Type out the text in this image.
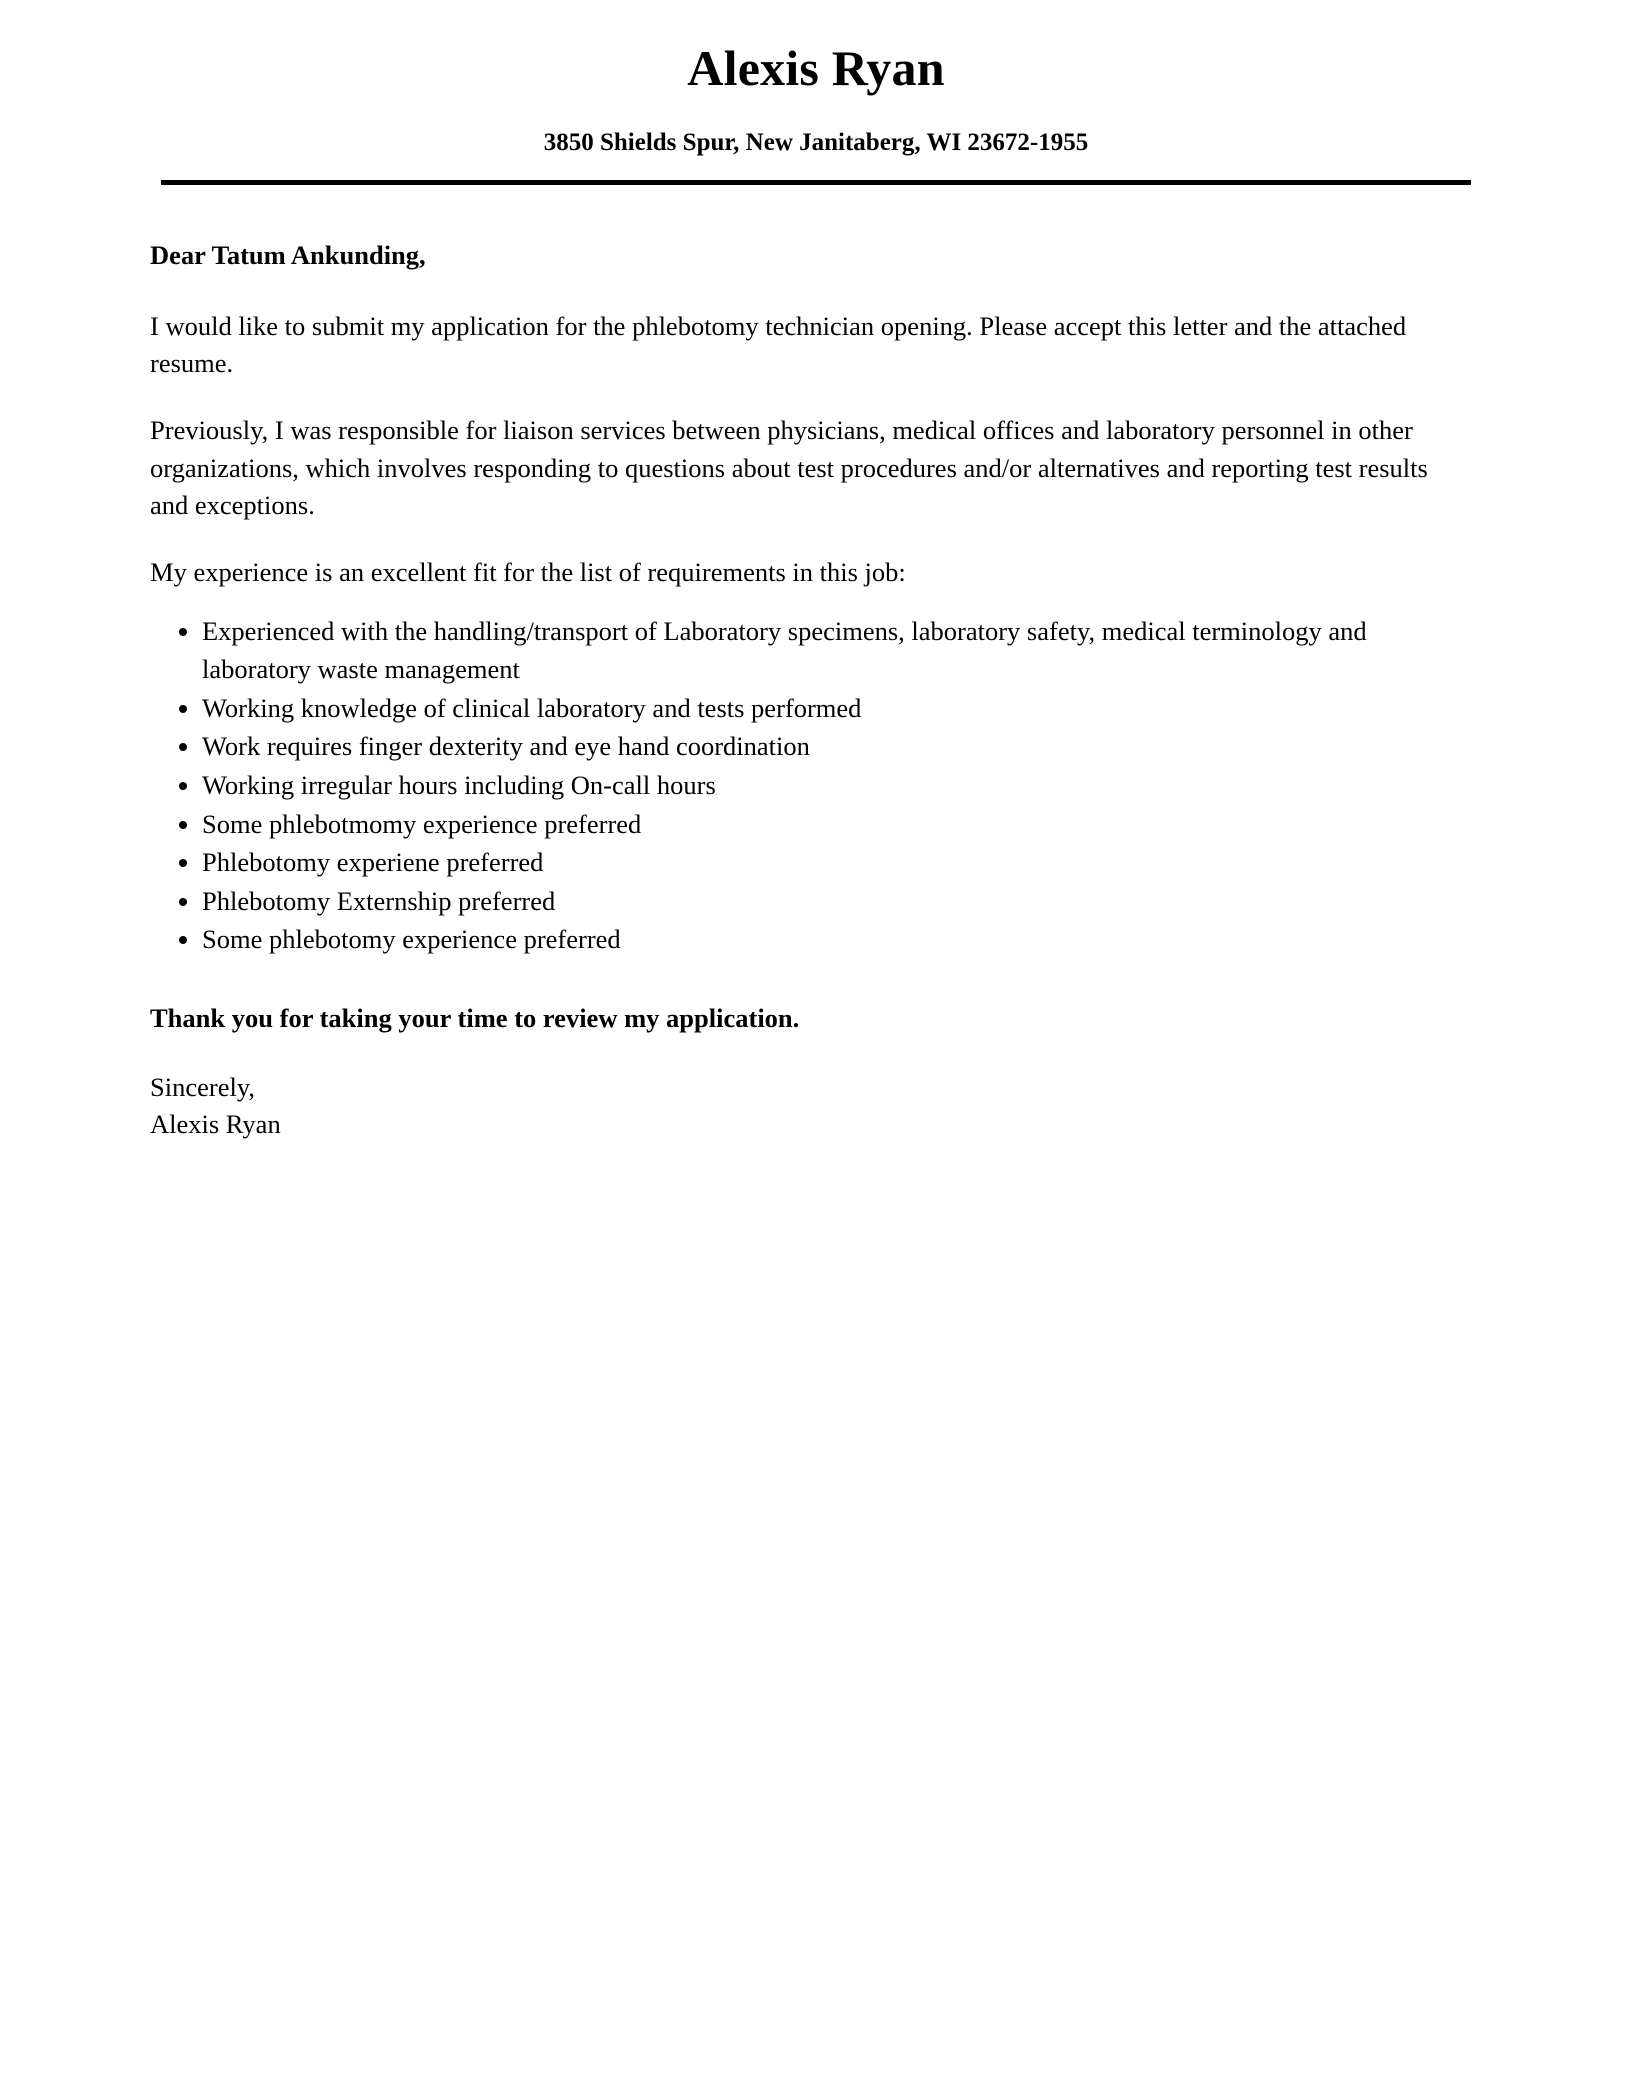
Alexis Ryan
3850 Shields Spur, New Janitaberg, WI 23672-1955

Dear Tatum Ankunding,

I would like to submit my application for the phlebotomy technician opening. Please accept this letter and the attached resume.

Previously, I was responsible for liaison services between physicians, medical offices and laboratory personnel in other organizations, which involves responding to questions about test procedures and/or alternatives and reporting test results and exceptions.

My experience is an excellent fit for the list of requirements in this job:

• Experienced with the handling/transport of Laboratory specimens, laboratory safety, medical terminology and laboratory waste management
• Working knowledge of clinical laboratory and tests performed
• Work requires finger dexterity and eye hand coordination
• Working irregular hours including On-call hours
• Some phlebotmomy experience preferred
• Phlebotomy experiene preferred
• Phlebotomy Externship preferred
• Some phlebotomy experience preferred

Thank you for taking your time to review my application.

Sincerely,
Alexis Ryan
